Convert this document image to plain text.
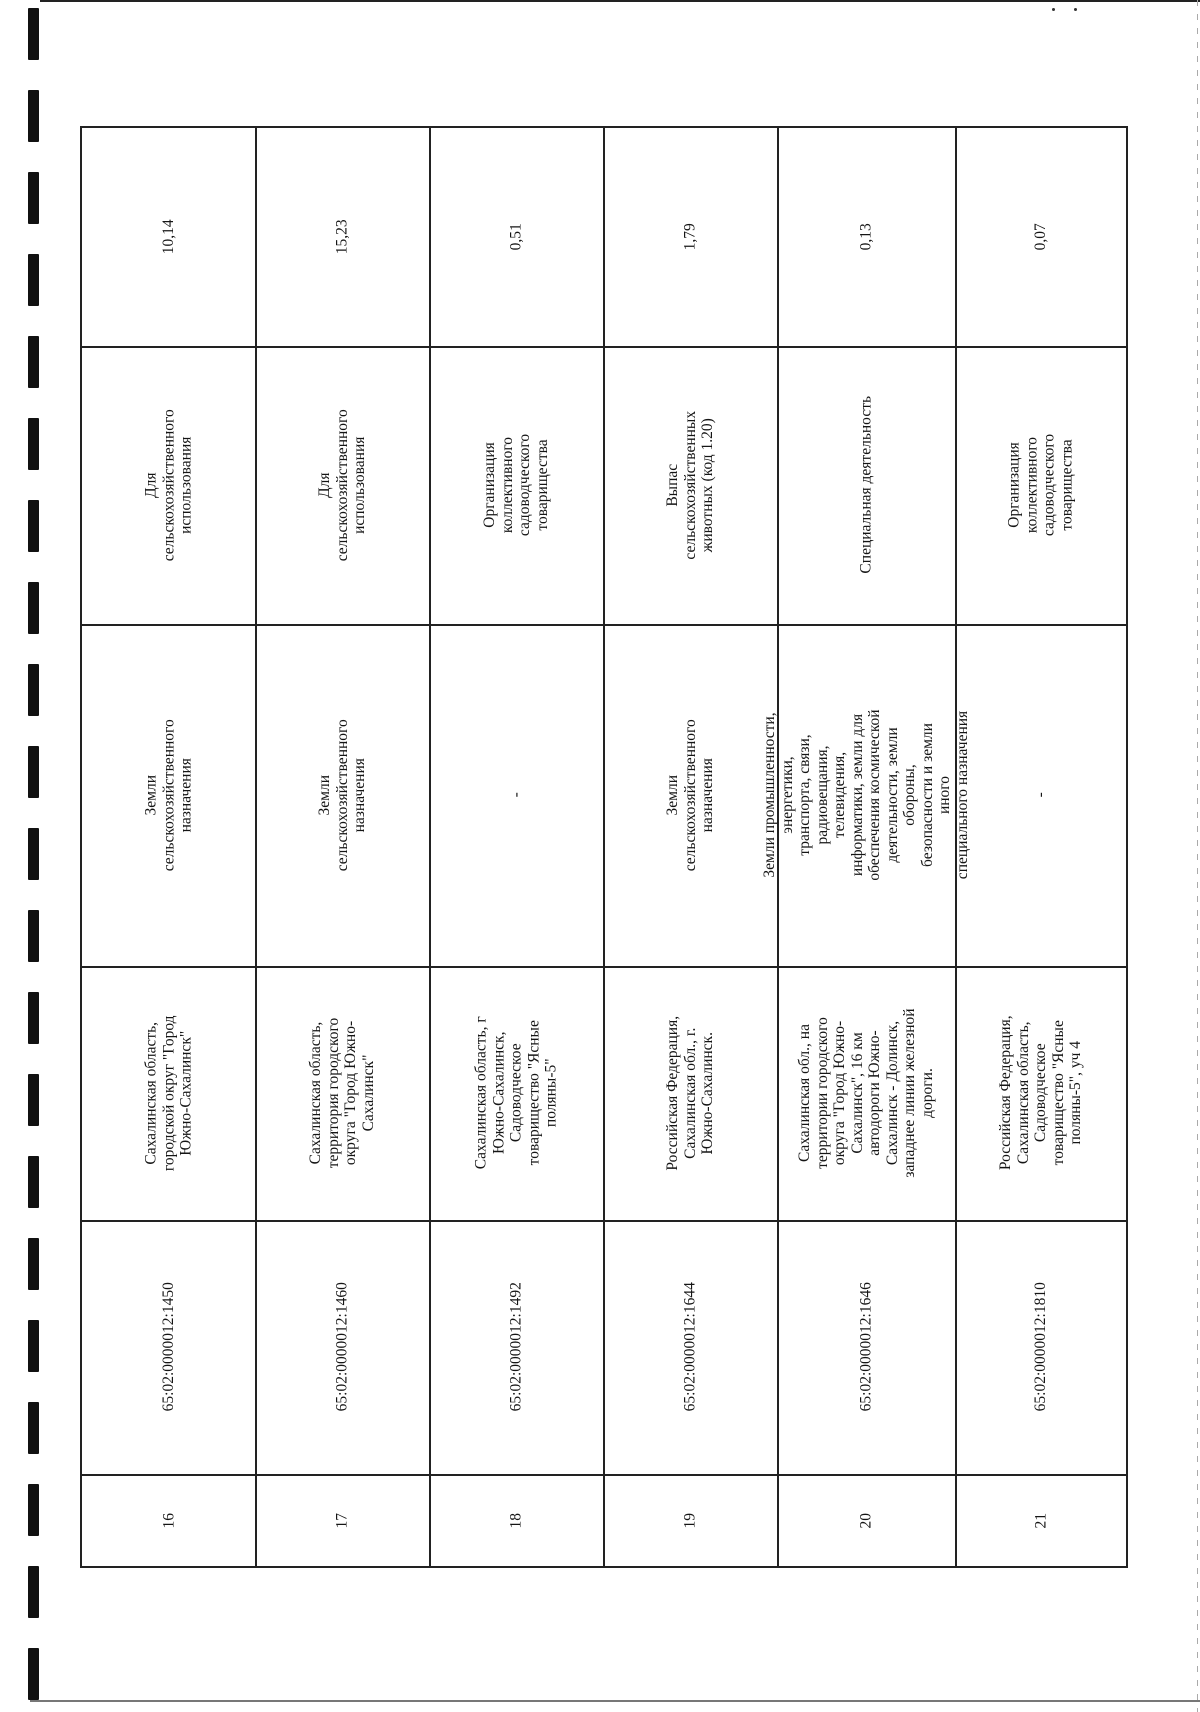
10,14
Для сельскохозяйственного
использования
Земли сельскохозяйственного
назначения
Сахалинская область,
городской округ "Город
Южно-Сахалинск"
65:02:0000012:1450
16
15,23
Для сельскохозяйственного
использования
Земли сельскохозяйственного
назначения
Сахалинская область,
территория городского
округа "Город Южно-
Сахалинск"
65:02:0000012:1460
17
0,51
Организация коллективного
садоводческого товарищества
-
Сахалинская область, г
Южно-Сахалинск,
Садоводческое
товарищество "Ясные
поляны-5"
65:02:0000012:1492
18
1,79
Выпас сельскохозяйственных
животных (код 1.20)
Земли сельскохозяйственного
назначения
Российская Федерация,
Сахалинская обл., г.
Южно-Сахалинск.
65:02:0000012:1644
19
0,13
Специальная деятельность
Земли промышленности, энергетики,
транспорта, связи, радиовещания,
телевидения, информатики, земли для
обеспечения космической
деятельности, земли обороны,
безопасности и земли иного
специального назначения
Сахалинская обл., на
территории городского
округа "Город Южно-
Сахалинск", 16 км
автодороги Южно-
Сахалинск - Долинск,
западнее линии железной
дороги.
65:02:0000012:1646
20
0,07
Организация коллективного
садоводческого товарищества
-
Российская Федерация,
Сахалинская область,
Садоводческое
товарищество "Ясные
поляны-5", уч 4
65:02:0000012:1810
21
